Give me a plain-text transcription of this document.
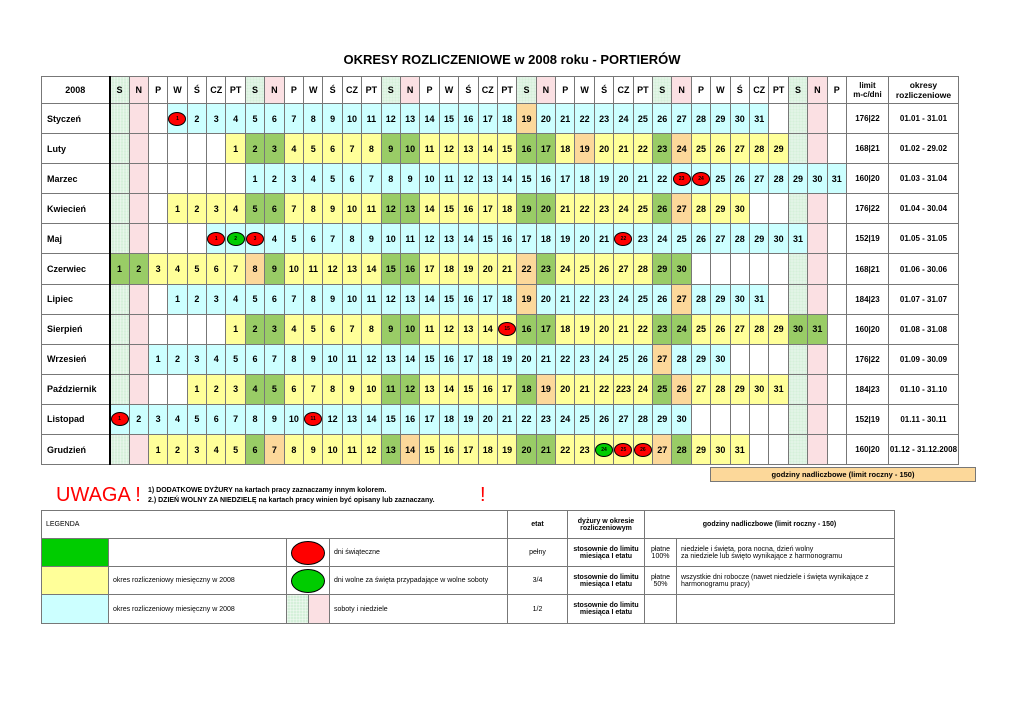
OKRESY ROZLICZENIOWE w 2008 roku - PORTIERÓW
2008	S	N	P	W	Ś	CZ	PT	S	N	P	W	Ś	CZ	PT	S	N	P	W	Ś	CZ	PT	S	N	P	W	Ś	CZ	PT	S	N	P	W	Ś	CZ	PT	S	N	P	limit
m-c/dni	okresy
rozliczeniowe
Styczeń				1	2	3	4	5	6	7	8	9	10	11	12	13	14	15	16	17	18	19	20	21	22	23	24	25	26	27	28	29	30	31					176|22	01.01 - 31.01
Luty							1	2	3	4	5	6	7	8	9	10	11	12	13	14	15	16	17	18	19	20	21	22	23	24	25	26	27	28	29				168|21	01.02 - 29.02
Marzec								1	2	3	4	5	6	7	8	9	10	11	12	13	14	15	16	17	18	19	20	21	22	23	24	25	26	27	28	29	30	31	160|20	01.03 - 31.04
Kwiecień				1	2	3	4	5	6	7	8	9	10	11	12	13	14	15	16	17	18	19	20	21	22	23	24	25	26	27	28	29	30						176|22	01.04 - 30.04
Maj						1	2	3	4	5	6	7	8	9	10	11	12	13	14	15	16	17	18	19	20	21	22	23	24	25	26	27	28	29	30	31			152|19	01.05 - 31.05
Czerwiec	1	2	3	4	5	6	7	8	9	10	11	12	13	14	15	16	17	18	19	20	21	22	23	24	25	26	27	28	29	30									168|21	01.06 - 30.06
Lipiec				1	2	3	4	5	6	7	8	9	10	11	12	13	14	15	16	17	18	19	20	21	22	23	24	25	26	27	28	29	30	31					184|23	01.07 - 31.07
Sierpień							1	2	3	4	5	6	7	8	9	10	11	12	13	14	15	16	17	18	19	20	21	22	23	24	25	26	27	28	29	30	31		160|20	01.08 - 31.08
Wrzesień			1	2	3	4	5	6	7	8	9	10	11	12	13	14	15	16	17	18	19	20	21	22	23	24	25	26	27	28	29	30							176|22	01.09 - 30.09
Październik					1	2	3	4	5	6	7	8	9	10	11	12	13	14	15	16	17	18	19	20	21	22	223	24	25	26	27	28	29	30	31				184|23	01.10 - 31.10
Listopad	1	2	3	4	5	6	7	8	9	10	11	12	13	14	15	16	17	18	19	20	21	22	23	24	25	26	27	28	29	30									152|19	01.11 - 30.11
Grudzień			1	2	3	4	5	6	7	8	9	10	11	12	13	14	15	16	17	18	19	20	21	22	23	24	25	26	27	28	29	30	31						160|20	01.12 - 31.12.2008
godziny nadliczbowe (limit roczny - 150)
UWAGA ! 1) DODATKOWE DYŻURY na kartach pracy zaznaczamy innym kolorem.
2.) DZIEŃ WOLNY ZA NIEDZIELĘ na kartach pracy winien być opisany lub zaznaczany. !
LEGENDA				etat	dyżury w okresie rozliczeniowym	godziny nadliczbowe (limit roczny - 150)	

	dni świąteczne	pełny	stosownie do limitu miesiąca I etatu	płatne
100%	niedziele i święta, pora nocna, dzień wolny
za niedziele lub święto wynikające z harmonogramu
	okres rozliczeniowy miesięczny w 2008		dni wolne za święta przypadające w wolne soboty	3/4	stosownie do limitu miesiąca I etatu	płatne
50%	wszystkie dni robocze (nawet niedziele i święta wynikające z harmonogramu pracy)
	okres rozliczeniowy miesięczny w 2008		soboty i niedziele	1/2	stosownie do limitu miesiąca I etatu		
